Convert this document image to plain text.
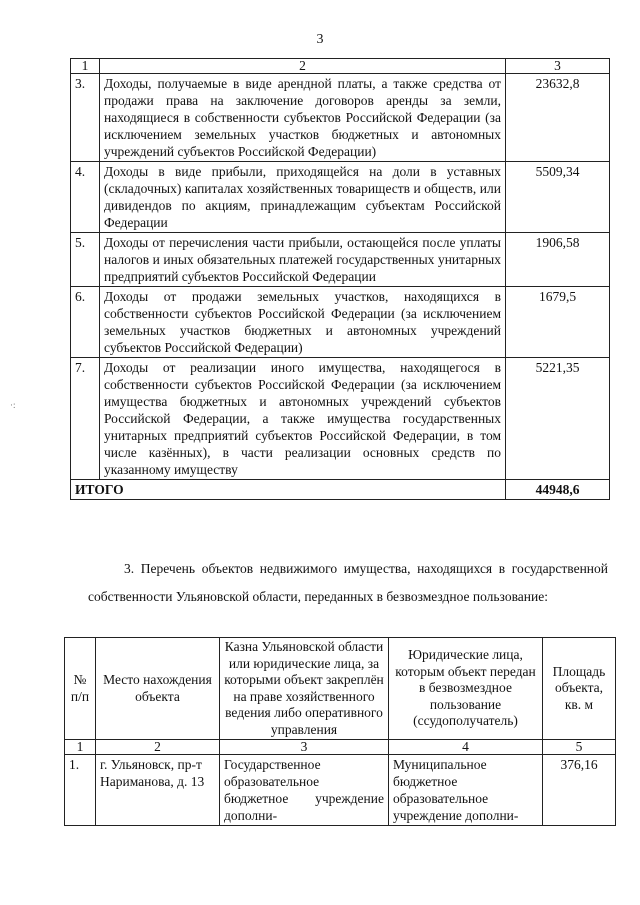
·:
3
1	2	3
3.	Доходы, получаемые в виде арендной платы, а также средства от продажи права на заключение договоров аренды за земли, находящиеся в собственности субъектов Российской Федерации (за исключением земельных участков бюджетных и автономных учреждений субъектов Российской Федерации)	23632,8
4.	Доходы в виде прибыли, приходящейся на доли в уставных (складочных) капиталах хозяйственных товариществ и обществ, или дивидендов по акциям, принадлежащим субъектам Российской Федерации	5509,34
5.	Доходы от перечисления части прибыли, остающейся после уплаты налогов и иных обязательных платежей государственных унитарных предприятий субъектов Российской Федерации	1906,58
6.	Доходы от продажи земельных участков, находящихся в собственности субъектов Российской Федерации (за исключением земельных участков бюджетных и автономных учреждений субъектов Российской Федерации)	1679,5
7.	Доходы от реализации иного имущества, находящегося в собственности субъектов Российской Федерации (за исключением имущества бюджетных и автономных учреждений субъектов Российской Федерации, а также имущества государственных унитарных предприятий субъектов Российской Федерации, в том числе казённых), в части реализации основных средств по указанному имуществу	5221,35
ИТОГО		44948,6
3. Перечень объектов недвижимого имущества, находящихся в государственной собственности Ульяновской области, переданных в безвозмездное пользование:
№ п/п	Место нахождения объекта	Казна Ульяновской области или юридические лица, за которыми объект закреплён на праве хозяйственного ведения либо оперативного управления	Юридические лица, которым объект передан в безвозмездное пользование (ссудополучатель)	Площадь объекта, кв. м
1	2	3	4	5
1.	г. Ульяновск, пр-т Нариманова, д. 13	Государственное образовательное бюджетное учреждение дополни-	Муниципальное бюджетное образовательное учреждение дополни-	376,16
